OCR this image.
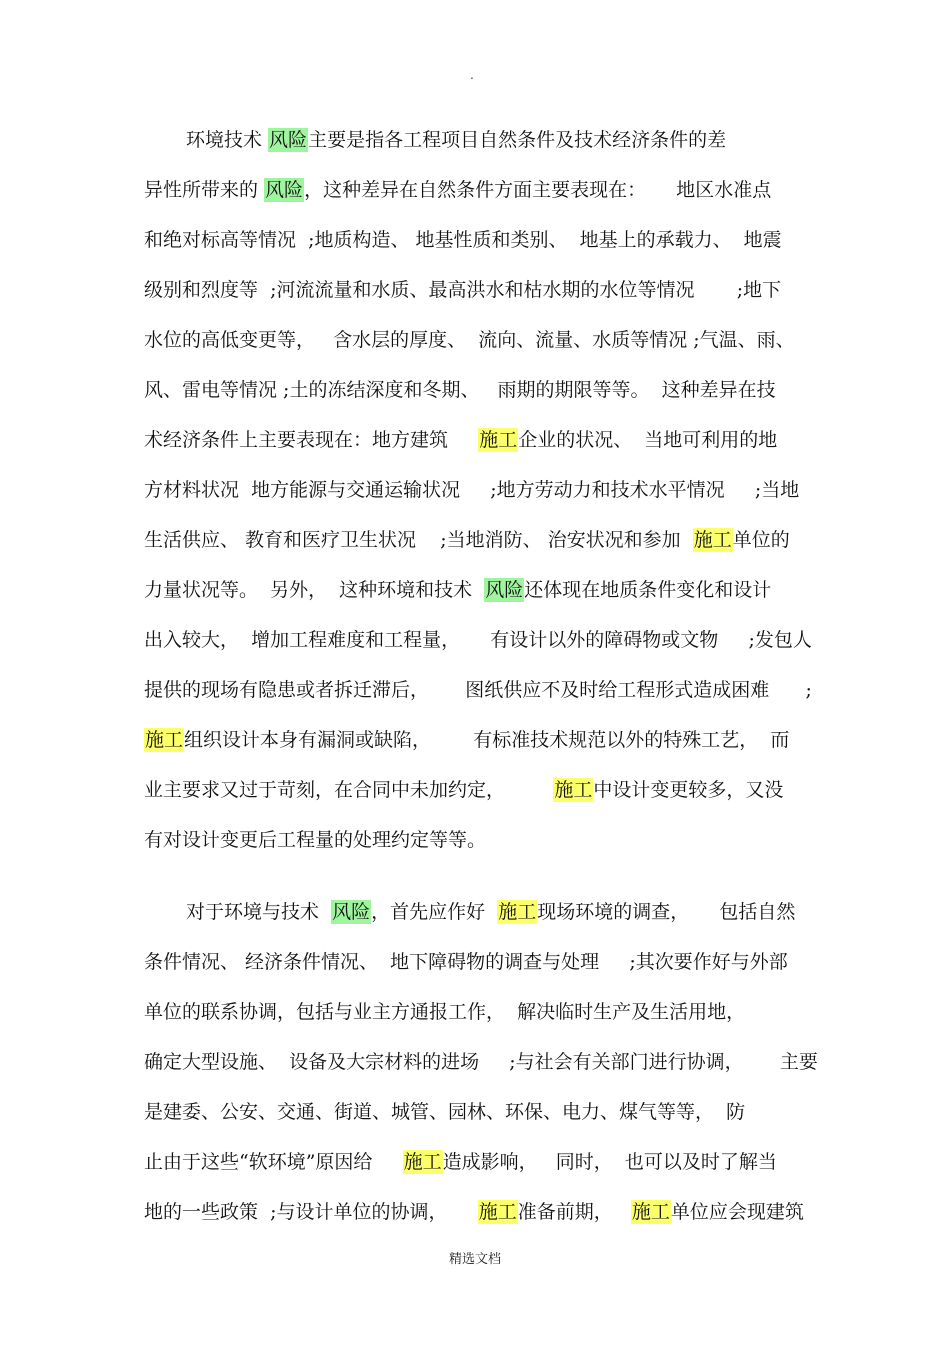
.
环境技术 风险主要是指各工程项目自然条件及技术经济条件的差
异性所带来的 风险，这种差异在自然条件方面主要表现在：     地区水准点
和绝对标高等情况  ;地质构造、 地基性质和类别、  地基上的承载力、  地震
级别和烈度等  ;河流流量和水质、最高洪水和枯水期的水位等情况       ;地下
水位的高低变更等，   含水层的厚度、  流向、流量、水质等情况 ;气温、雨、
风、雷电等情况 ;土的冻结深度和冬期、   雨期的期限等等。  这种差异在技
术经济条件上主要表现在：地方建筑     施工企业的状况、  当地可利用的地
方材料状况  地方能源与交通运输状况     ;地方劳动力和技术水平情况     ;当地
生活供应、 教育和医疗卫生状况    ;当地消防、 治安状况和参加  施工单位的
力量状况等。  另外，  这种环境和技术  风险还体现在地质条件变化和设计
出入较大，  增加工程难度和工程量，     有设计以外的障碍物或文物     ;发包人
提供的现场有隐患或者拆迁滞后，      图纸供应不及时给工程形式造成困难      ;
施工组织设计本身有漏洞或缺陷，       有标准技术规范以外的特殊工艺，  而
业主要求又过于苛刻，在合同中未加约定，        施工中设计变更较多，又没
有对设计变更后工程量的处理约定等等。
对于环境与技术  风险，首先应作好  施工现场环境的调查，     包括自然
条件情况、 经济条件情况、  地下障碍物的调查与处理     ;其次要作好与外部
单位的联系协调，包括与业主方通报工作，  解决临时生产及生活用地，
确定大型设施、  设备及大宗材料的进场     ;与社会有关部门进行协调，      主要
是建委、公安、交通、街道、城管、园林、环保、电力、煤气等等，  防
止由于这些“软环境”原因给     施工造成影响，   同时，  也可以及时了解当
地的一些政策  ;与设计单位的协调，     施工准备前期，   施工单位应会现建筑
精选文档
